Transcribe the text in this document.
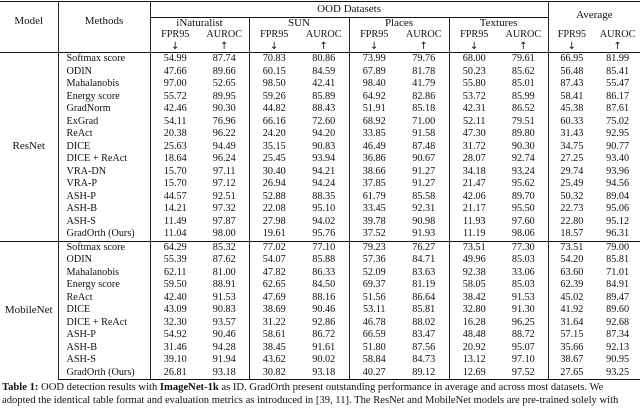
Model	Methods	OOD Datasets								Average	
		iNaturalist		SUN		Places		Textures			
		FPR95	AUROC	FPR95	AUROC	FPR95	AUROC	FPR95	AUROC	FPR95	AUROC
		↓	↑	↓	↑	↓	↑	↓	↑	↓	↑
ResNet	Softmax score	54.99	87.74	70.83	80.86	73.99	79.76	68.00	79.61	66.95	81.99
	ODIN	47.66	89.66	60.15	84.59	67.89	81.78	50.23	85.62	56.48	85.41
	Mahalanobis	97.00	52.65	98.50	42.41	98.40	41.79	55.80	85.01	87.43	55.47
	Energy score	55.72	89.95	59.26	85.89	64.92	82.86	53.72	85.99	58.41	86.17
	GradNorm	42.46	90.30	44.82	88.43	51.91	85.18	42.31	86.52	45.38	87.61
	ExGrad	54.11	76.96	66.16	72.60	68.92	71.00	52.11	79.51	60.33	75.02
	ReAct	20.38	96.22	24.20	94.20	33.85	91.58	47.30	89.80	31.43	92.95
	DICE	25.63	94.49	35.15	90.83	46.49	87.48	31.72	90.30	34.75	90.77
	DICE + ReAct	18.64	96.24	25.45	93.94	36.86	90.67	28.07	92.74	27.25	93.40
	VRA-DN	15.70	97.11	30.40	94.21	38.66	91.27	34.18	93.24	29.74	93.96
	VRA-P	15.70	97.12	26.94	94.24	37.85	91.27	21.47	95.62	25.49	94.56
	ASH-P	44.57	92.51	52.88	88.35	61.79	85.58	42.06	89.70	50.32	89.04
	ASH-B	14.21	97.32	22.08	95.10	33.45	92.31	21.17	95.50	22.73	95.06
	ASH-S	11.49	97.87	27.98	94.02	39.78	90.98	11.93	97.60	22.80	95.12
	GradOrth (Ours)	11.04	98.00	19.61	95.76	37.52	91.93	11.19	98.06	18.57	96.31
MobileNet	Softmax score	64.29	85.32	77.02	77.10	79.23	76.27	73.51	77.30	73.51	79.00
	ODIN	55.39	87.62	54.07	85.88	57.36	84.71	49.96	85.03	54.20	85.81
	Mahalanobis	62.11	81.00	47.82	86.33	52.09	83.63	92.38	33.06	63.60	71.01
	Energy score	59.50	88.91	62.65	84.50	69.37	81.19	58.05	85.03	62.39	84.91
	ReAct	42.40	91.53	47.69	88.16	51.56	86.64	38.42	91.53	45.02	89.47
	DICE	43.09	90.83	38.69	90.46	53.11	85.81	32.80	91.30	41.92	89.60
	DICE + ReAct	32.30	93.57	31.22	92.86	46.78	88.02	16.28	96.25	31.64	92.68
	ASH-P	54.92	90.46	58.61	86.72	66.59	83.47	48.48	88.72	57.15	87.34
	ASH-B	31.46	94.28	38.45	91.61	51.80	87.56	20.92	95.07	35.66	92.13
	ASH-S	39.10	91.94	43.62	90.02	58.84	84.73	13.12	97.10	38.67	90.95
	GradOrth (Ours)	26.81	93.18	30.82	93.18	40.27	89.12	12.69	97.52	27.65	93.25
Table 1: OOD detection results with ImageNet-1k as ID. GradOrth present outstanding performance in average and across most datasets. We adopted the identical table format and evaluation metrics as introduced in [39, 11]. The ResNet and MobileNet models are pre-trained solely with
